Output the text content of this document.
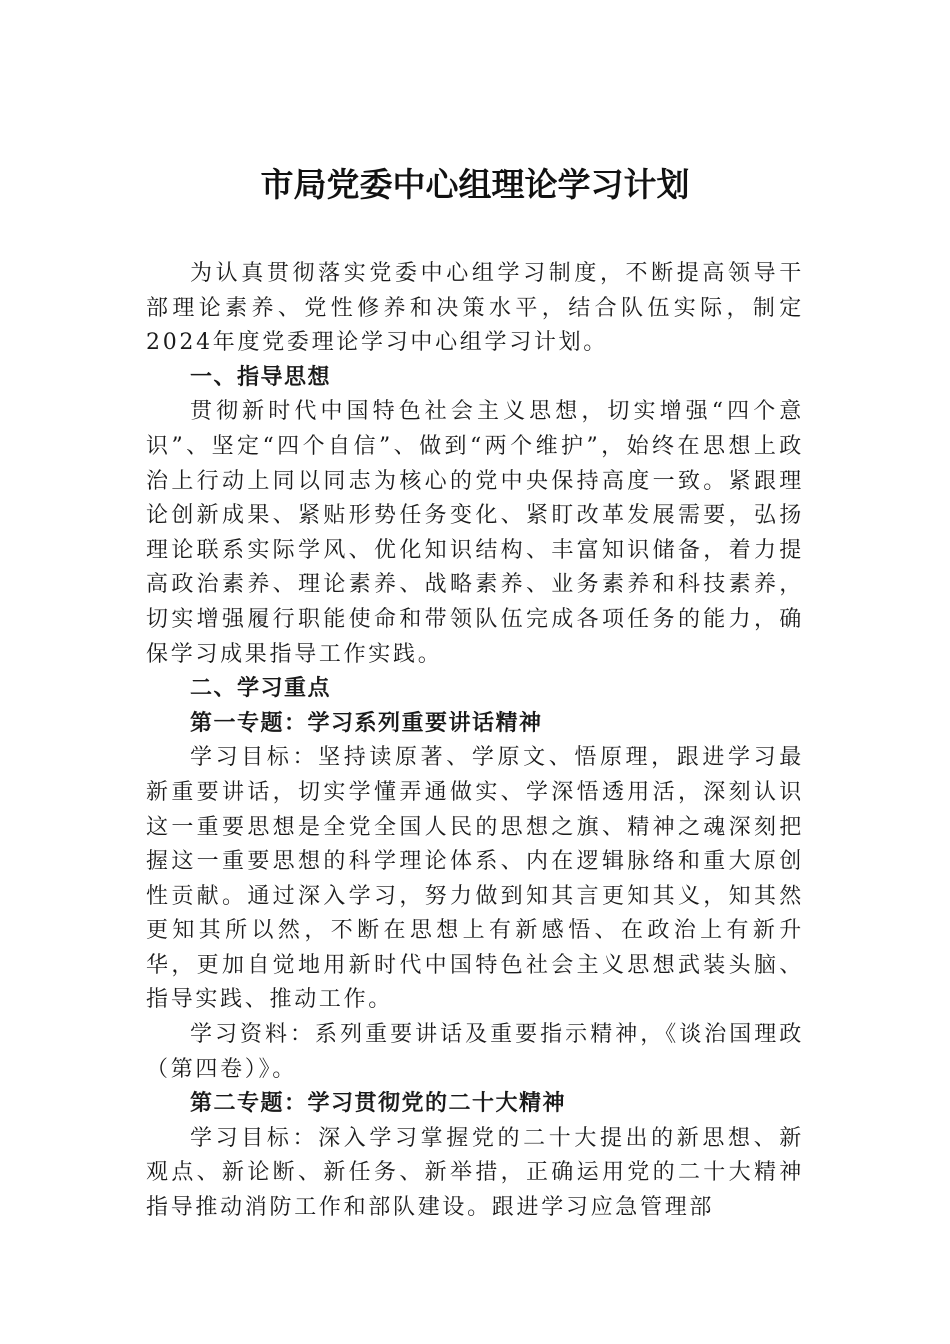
市局党委中心组理论学习计划

为认真贯彻落实党委中心组学习制度，不断提高领导干部理论素养、党性修养和决策水平，结合队伍实际，制定2024年度党委理论学习中心组学习计划。

一、指导思想

贯彻新时代中国特色社会主义思想，切实增强“四个意识”、坚定“四个自信”、做到“两个维护”，始终在思想上政治上行动上同以同志为核心的党中央保持高度一致。紧跟理论创新成果、紧贴形势任务变化、紧盯改革发展需要，弘扬理论联系实际学风、优化知识结构、丰富知识储备，着力提高政治素养、理论素养、战略素养、业务素养和科技素养，切实增强履行职能使命和带领队伍完成各项任务的能力，确保学习成果指导工作实践。

二、学习重点

第一专题：学习系列重要讲话精神

学习目标：坚持读原著、学原文、悟原理，跟进学习最新重要讲话，切实学懂弄通做实、学深悟透用活，深刻认识这一重要思想是全党全国人民的思想之旗、精神之魂深刻把握这一重要思想的科学理论体系、内在逻辑脉络和重大原创性贡献。通过深入学习，努力做到知其言更知其义，知其然更知其所以然，不断在思想上有新感悟、在政治上有新升华，更加自觉地用新时代中国特色社会主义思想武装头脑、指导实践、推动工作。

学习资料：系列重要讲话及重要指示精神，《谈治国理政（第四卷）》。

第二专题：学习贯彻党的二十大精神

学习目标：深入学习掌握党的二十大提出的新思想、新观点、新论断、新任务、新举措，正确运用党的二十大精神指导推动消防工作和部队建设。跟进学习应急管理部
